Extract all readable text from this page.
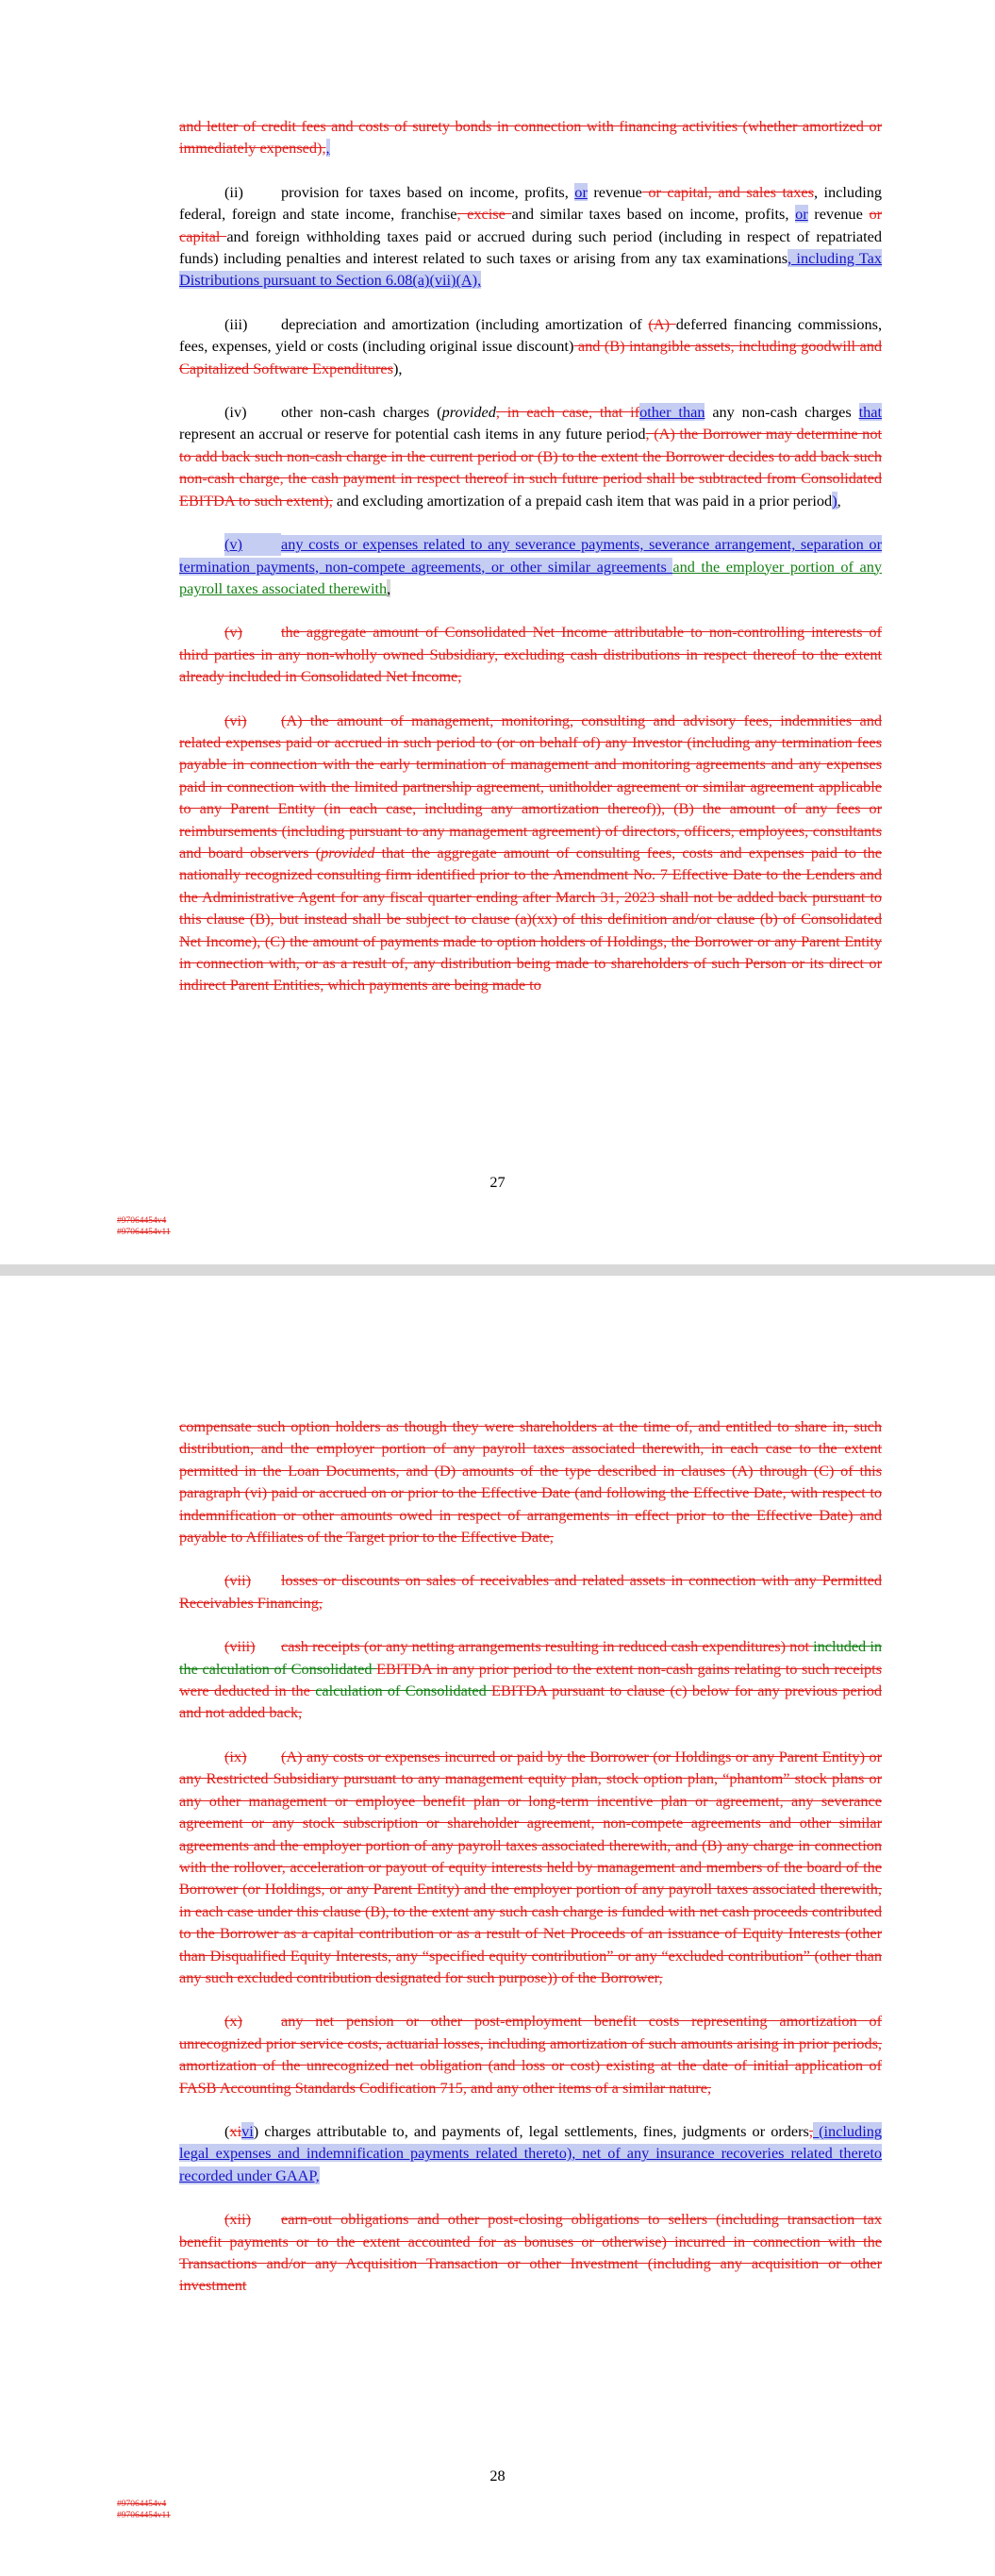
and letter of credit fees and costs of surety bonds in connection with financing activities (whether amortized or immediately expensed),,

(ii) provision for taxes based on income, profits, or revenue or capital, and sales taxes, including federal, foreign and state income, franchise, excise and similar taxes based on income, profits, or revenue or capital and foreign withholding taxes paid or accrued during such period (including in respect of repatriated funds) including penalties and interest related to such taxes or arising from any tax examinations, including Tax Distributions pursuant to Section 6.08(a)(vii)(A),

(iii) depreciation and amortization (including amortization of (A) deferred financing commissions, fees, expenses, yield or costs (including original issue discount) and (B) intangible assets, including goodwill and Capitalized Software Expenditures),

(iv) other non-cash charges (provided, in each case, that ifother than any non-cash charges that represent an accrual or reserve for potential cash items in any future period, (A) the Borrower may determine not to add back such non-cash charge in the current period or (B) to the extent the Borrower decides to add back such non-cash charge, the cash payment in respect thereof in such future period shall be subtracted from Consolidated EBITDA to such extent), and excluding amortization of a prepaid cash item that was paid in a prior period),

(v)	any costs or expenses related to any severance payments, severance arrangement, separation or termination payments, non-compete agreements, or other similar agreements and the employer portion of any payroll taxes associated therewith,

(v)	the aggregate amount of Consolidated Net Income attributable to non-controlling interests of third parties in any non-wholly owned Subsidiary, excluding cash distributions in respect thereof to the extent already included in Consolidated Net Income,

(vi) (A) the amount of management, monitoring, consulting and advisory fees, indemnities and related expenses paid or accrued in such period to (or on behalf of) any Investor (including any termination fees payable in connection with the early termination of management and monitoring agreements and any expenses paid in connection with the limited partnership agreement, unitholder agreement or similar agreement applicable to any Parent Entity (in each case, including any amortization thereof)), (B) the amount of any fees or reimbursements (including pursuant to any management agreement) of directors, officers, employees, consultants and board observers (provided that the aggregate amount of consulting fees, costs and expenses paid to the nationally recognized consulting firm identified prior to the Amendment No. 7 Effective Date to the Lenders and the Administrative Agent for any fiscal quarter ending after March 31, 2023 shall not be added back pursuant to this clause (B), but instead shall be subject to clause (a)(xx) of this definition and/or clause (b) of Consolidated Net Income), (C) the amount of payments made to option holders of Holdings, the Borrower or any Parent Entity in connection with, or as a result of, any distribution being made to shareholders of such Person or its direct or indirect Parent Entities, which payments are being made to

27
#97064454v4
#97064454v11

compensate such option holders as though they were shareholders at the time of, and entitled to share in, such distribution, and the employer portion of any payroll taxes associated therewith, in each case to the extent permitted in the Loan Documents, and (D) amounts of the type described in clauses (A) through (C) of this paragraph (vi) paid or accrued on or prior to the Effective Date (and following the Effective Date, with respect to indemnification or other amounts owed in respect of arrangements in effect prior to the Effective Date) and payable to Affiliates of the Target prior to the Effective Date,

(vii) losses or discounts on sales of receivables and related assets in connection with any Permitted Receivables Financing,

(viii) cash receipts (or any netting arrangements resulting in reduced cash expenditures) not included in the calculation of Consolidated EBITDA in any prior period to the extent non-cash gains relating to such receipts were deducted in the calculation of Consolidated EBITDA pursuant to clause (c) below for any previous period and not added back,

(ix) (A) any costs or expenses incurred or paid by the Borrower (or Holdings or any Parent Entity) or any Restricted Subsidiary pursuant to any management equity plan, stock option plan, “phantom” stock plans or any other management or employee benefit plan or long-term incentive plan or agreement, any severance agreement or any stock subscription or shareholder agreement, non-compete agreements and other similar agreements and the employer portion of any payroll taxes associated therewith, and (B) any charge in connection with the rollover, acceleration or payout of equity interests held by management and members of the board of the Borrower (or Holdings, or any Parent Entity) and the employer portion of any payroll taxes associated therewith, in each case under this clause (B), to the extent any such cash charge is funded with net cash proceeds contributed to the Borrower as a capital contribution or as a result of Net Proceeds of an issuance of Equity Interests (other than Disqualified Equity Interests, any “specified equity contribution” or any “excluded contribution” (other than any such excluded contribution designated for such purpose)) of the Borrower,

(x)	any net pension or other post-employment benefit costs representing amortization of unrecognized prior service costs, actuarial losses, including amortization of such amounts arising in prior periods, amortization of the unrecognized net obligation (and loss or cost) existing at the date of initial application of FASB Accounting Standards Codification 715, and any other items of a similar nature,

(xivi) charges attributable to, and payments of, legal settlements, fines, judgments or orders, (including legal expenses and indemnification payments related thereto), net of any insurance recoveries related thereto recorded under GAAP,

(xii) earn-out obligations and other post-closing obligations to sellers (including transaction tax benefit payments or to the extent accounted for as bonuses or otherwise) incurred in connection with the Transactions and/or any Acquisition Transaction or other Investment (including any acquisition or other investment

28
#97064454v4
#97064454v11
